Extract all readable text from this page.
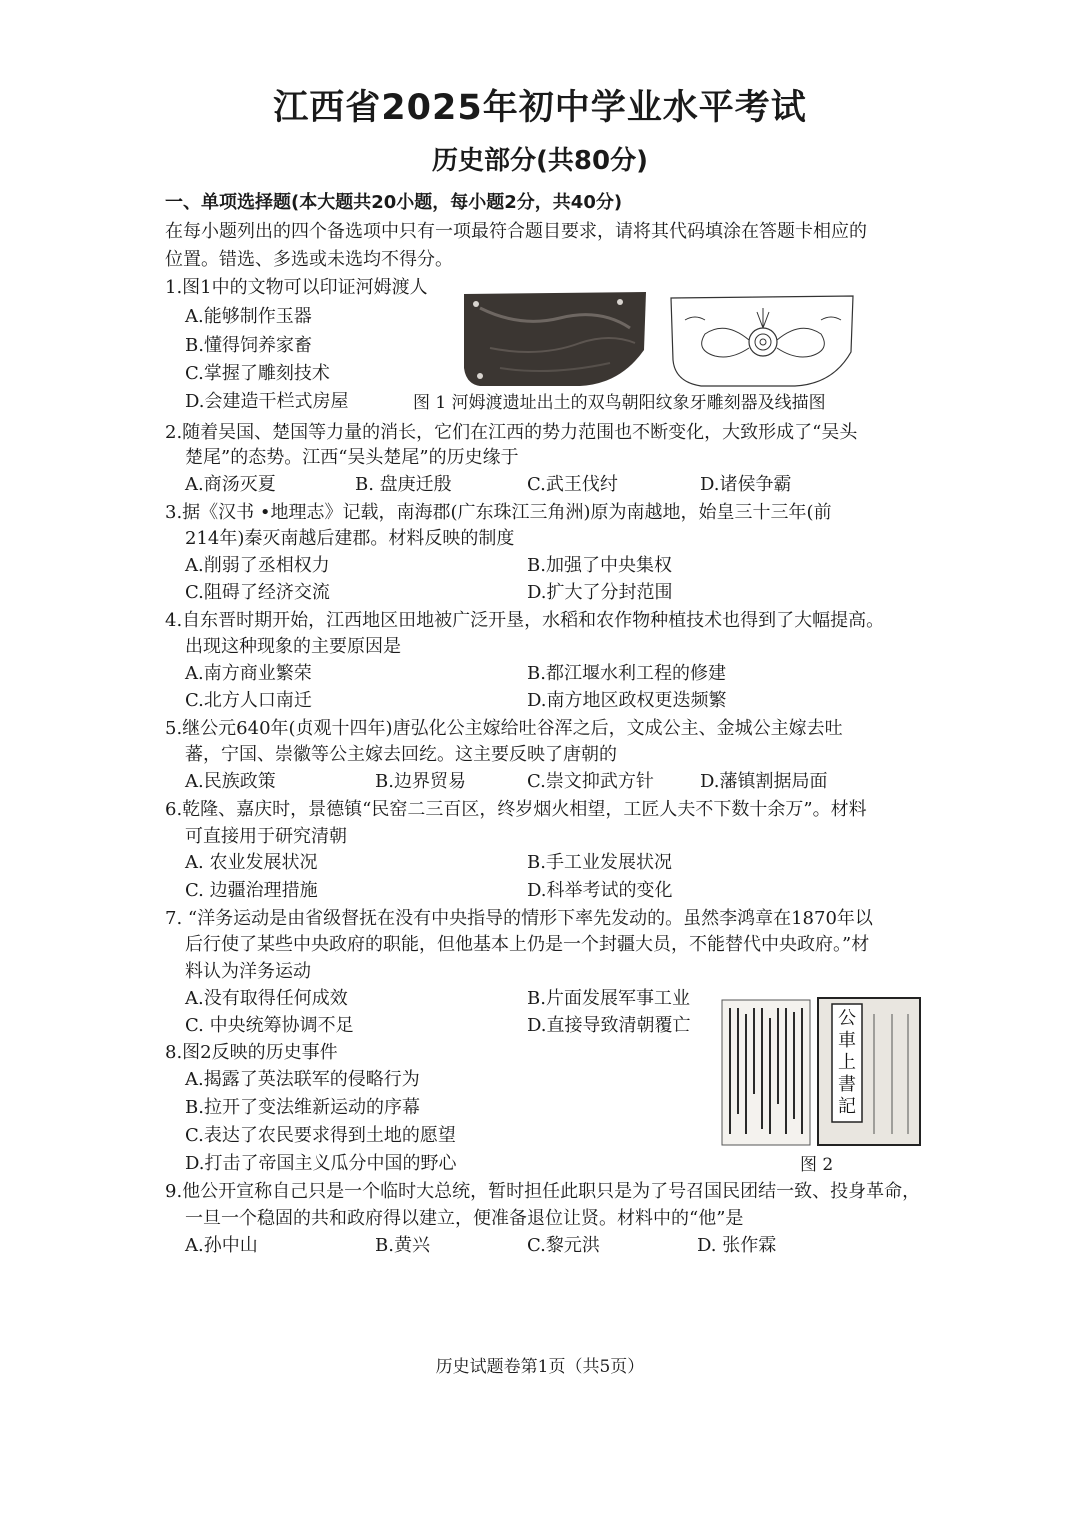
江西省2025年初中学业水平考试
历史部分(共80分)
一、单项选择题(本大题共20小题，每小题2分，共40分)
在每小题列出的四个备选项中只有一项最符合题目要求，请将其代码填涂在答题卡相应的
位置。错选、多选或未选均不得分。
1.图1中的文物可以印证河姆渡人
A.能够制作玉器
B.懂得饲养家畜
C.掌握了雕刻技术
D.会建造干栏式房屋	图 1 河姆渡遗址出土的双鸟朝阳纹象牙雕刻器及线描图
2.随着吴国、楚国等力量的消长，它们在江西的势力范围也不断变化，大致形成了“吴头
楚尾”的态势。江西“吴头楚尾”的历史缘于
A.商汤灭夏	B. 盘庚迁殷	C.武王伐纣	D.诸侯争霸
3.据《汉书 •地理志》记载，南海郡(广东珠江三角洲)原为南越地，始皇三十三年(前
214年)秦灭南越后建郡。材料反映的制度
A.削弱了丞相权力	B.加强了中央集权
C.阻碍了经济交流	D.扩大了分封范围
4.自东晋时期开始，江西地区田地被广泛开垦，水稻和农作物种植技术也得到了大幅提高。
出现这种现象的主要原因是
A.南方商业繁荣	B.都江堰水利工程的修建
C.北方人口南迁	D.南方地区政权更迭频繁
5.继公元640年(贞观十四年)唐弘化公主嫁给吐谷浑之后，文成公主、金城公主嫁去吐
蕃，宁国、崇徽等公主嫁去回纥。这主要反映了唐朝的
A.民族政策	B.边界贸易	C.崇文抑武方针	D.藩镇割据局面
6.乾隆、嘉庆时，景德镇“民窑二三百区，终岁烟火相望，工匠人夫不下数十余万”。材料
可直接用于研究清朝
A. 农业发展状况	B.手工业发展状况
C. 边疆治理措施	D.科举考试的变化
7. “洋务运动是由省级督抚在没有中央指导的情形下率先发动的。虽然李鸿章在1870年以
后行使了某些中央政府的职能，但他基本上仍是一个封疆大员，不能替代中央政府。”材
料认为洋务运动
A.没有取得任何成效	B.片面发展军事工业
C. 中央统筹协调不足	D.直接导致清朝覆亡
8.图2反映的历史事件
A.揭露了英法联军的侵略行为
B.拉开了变法维新运动的序幕
C.表达了农民要求得到土地的愿望
D.打击了帝国主义瓜分中国的野心
公
車
上
書
記
图 2
9.他公开宣称自己只是一个临时大总统，暂时担任此职只是为了号召国民团结一致、投身革命，
一旦一个稳固的共和政府得以建立，便准备退位让贤。材料中的“他”是
A.孙中山	B.黄兴	C.黎元洪	D. 张作霖
历史试题卷第1页（共5页）
